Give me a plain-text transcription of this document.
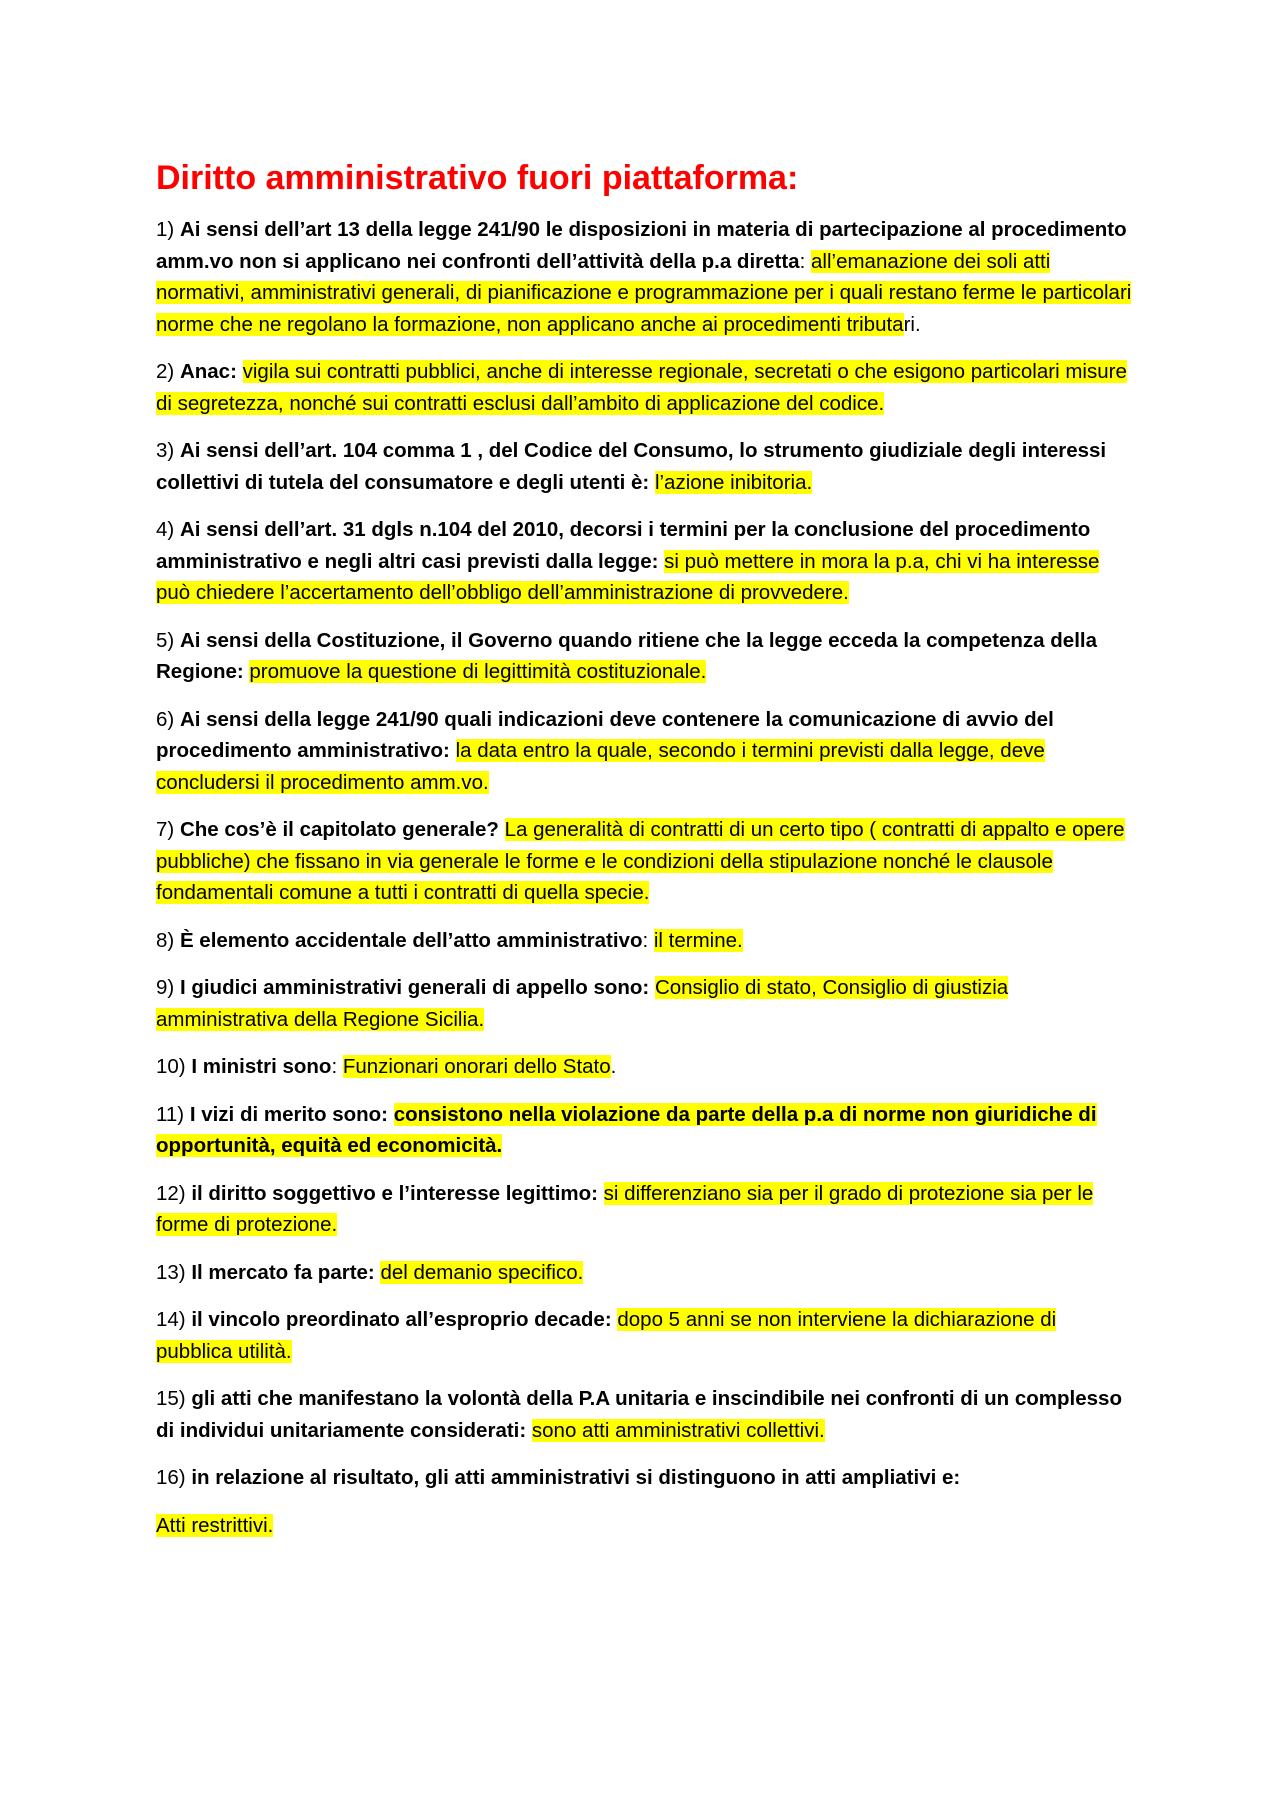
Diritto amministrativo fuori piattaforma:
1) Ai sensi dell’art 13 della legge 241/90 le disposizioni in materia di partecipazione al procedimento amm.vo non si applicano nei confronti dell’attività della p.a diretta: all’emanazione dei soli atti normativi, amministrativi generali, di pianificazione e programmazione per i quali restano ferme le particolari norme che ne regolano la formazione, non applicano anche ai procedimenti tributari.
2) Anac: vigila sui contratti pubblici, anche di interesse regionale, secretati o che esigono particolari misure di segretezza, nonché sui contratti esclusi dall’ambito di applicazione del codice.
3) Ai sensi dell’art. 104 comma 1 , del Codice del Consumo, lo strumento giudiziale degli interessi collettivi di tutela del consumatore e degli utenti è: l’azione inibitoria.
4) Ai sensi dell’art. 31 dgls n.104 del 2010, decorsi i termini per la conclusione del procedimento amministrativo e negli altri casi previsti dalla legge: si può mettere in mora la p.a, chi vi ha interesse può chiedere l’accertamento dell’obbligo dell’amministrazione di provvedere.
5) Ai sensi della Costituzione, il Governo quando ritiene che la legge ecceda la competenza della Regione: promuove la questione di legittimità costituzionale.
6) Ai sensi della legge 241/90 quali indicazioni deve contenere la comunicazione di avvio del procedimento amministrativo: la data entro la quale, secondo i termini previsti dalla legge, deve concludersi il procedimento amm.vo.
7) Che cos’è il capitolato generale? La generalità di contratti di un certo tipo ( contratti di appalto e opere pubbliche) che fissano in via generale le forme e le condizioni della stipulazione nonché le clausole fondamentali comune a tutti i contratti di quella specie.
8) È elemento accidentale dell’atto amministrativo: il termine.
9) I giudici amministrativi generali di appello sono: Consiglio di stato, Consiglio di giustizia amministrativa della Regione Sicilia.
10) I ministri sono: Funzionari onorari dello Stato.
11) I vizi di merito sono: consistono nella violazione da parte della p.a di norme non giuridiche di opportunità, equità ed economicità.
12) il diritto soggettivo e l’interesse legittimo: si differenziano sia per il grado di protezione sia per le forme di protezione.
13) Il mercato fa parte: del demanio specifico.
14) il vincolo preordinato all’esproprio decade: dopo 5 anni se non interviene la dichiarazione di pubblica utilità.
15) gli atti che manifestano la volontà della P.A unitaria e inscindibile nei confronti di un complesso di individui unitariamente considerati: sono atti amministrativi collettivi.
16) in relazione al risultato, gli atti amministrativi si distinguono in atti ampliativi e:
Atti restrittivi.
